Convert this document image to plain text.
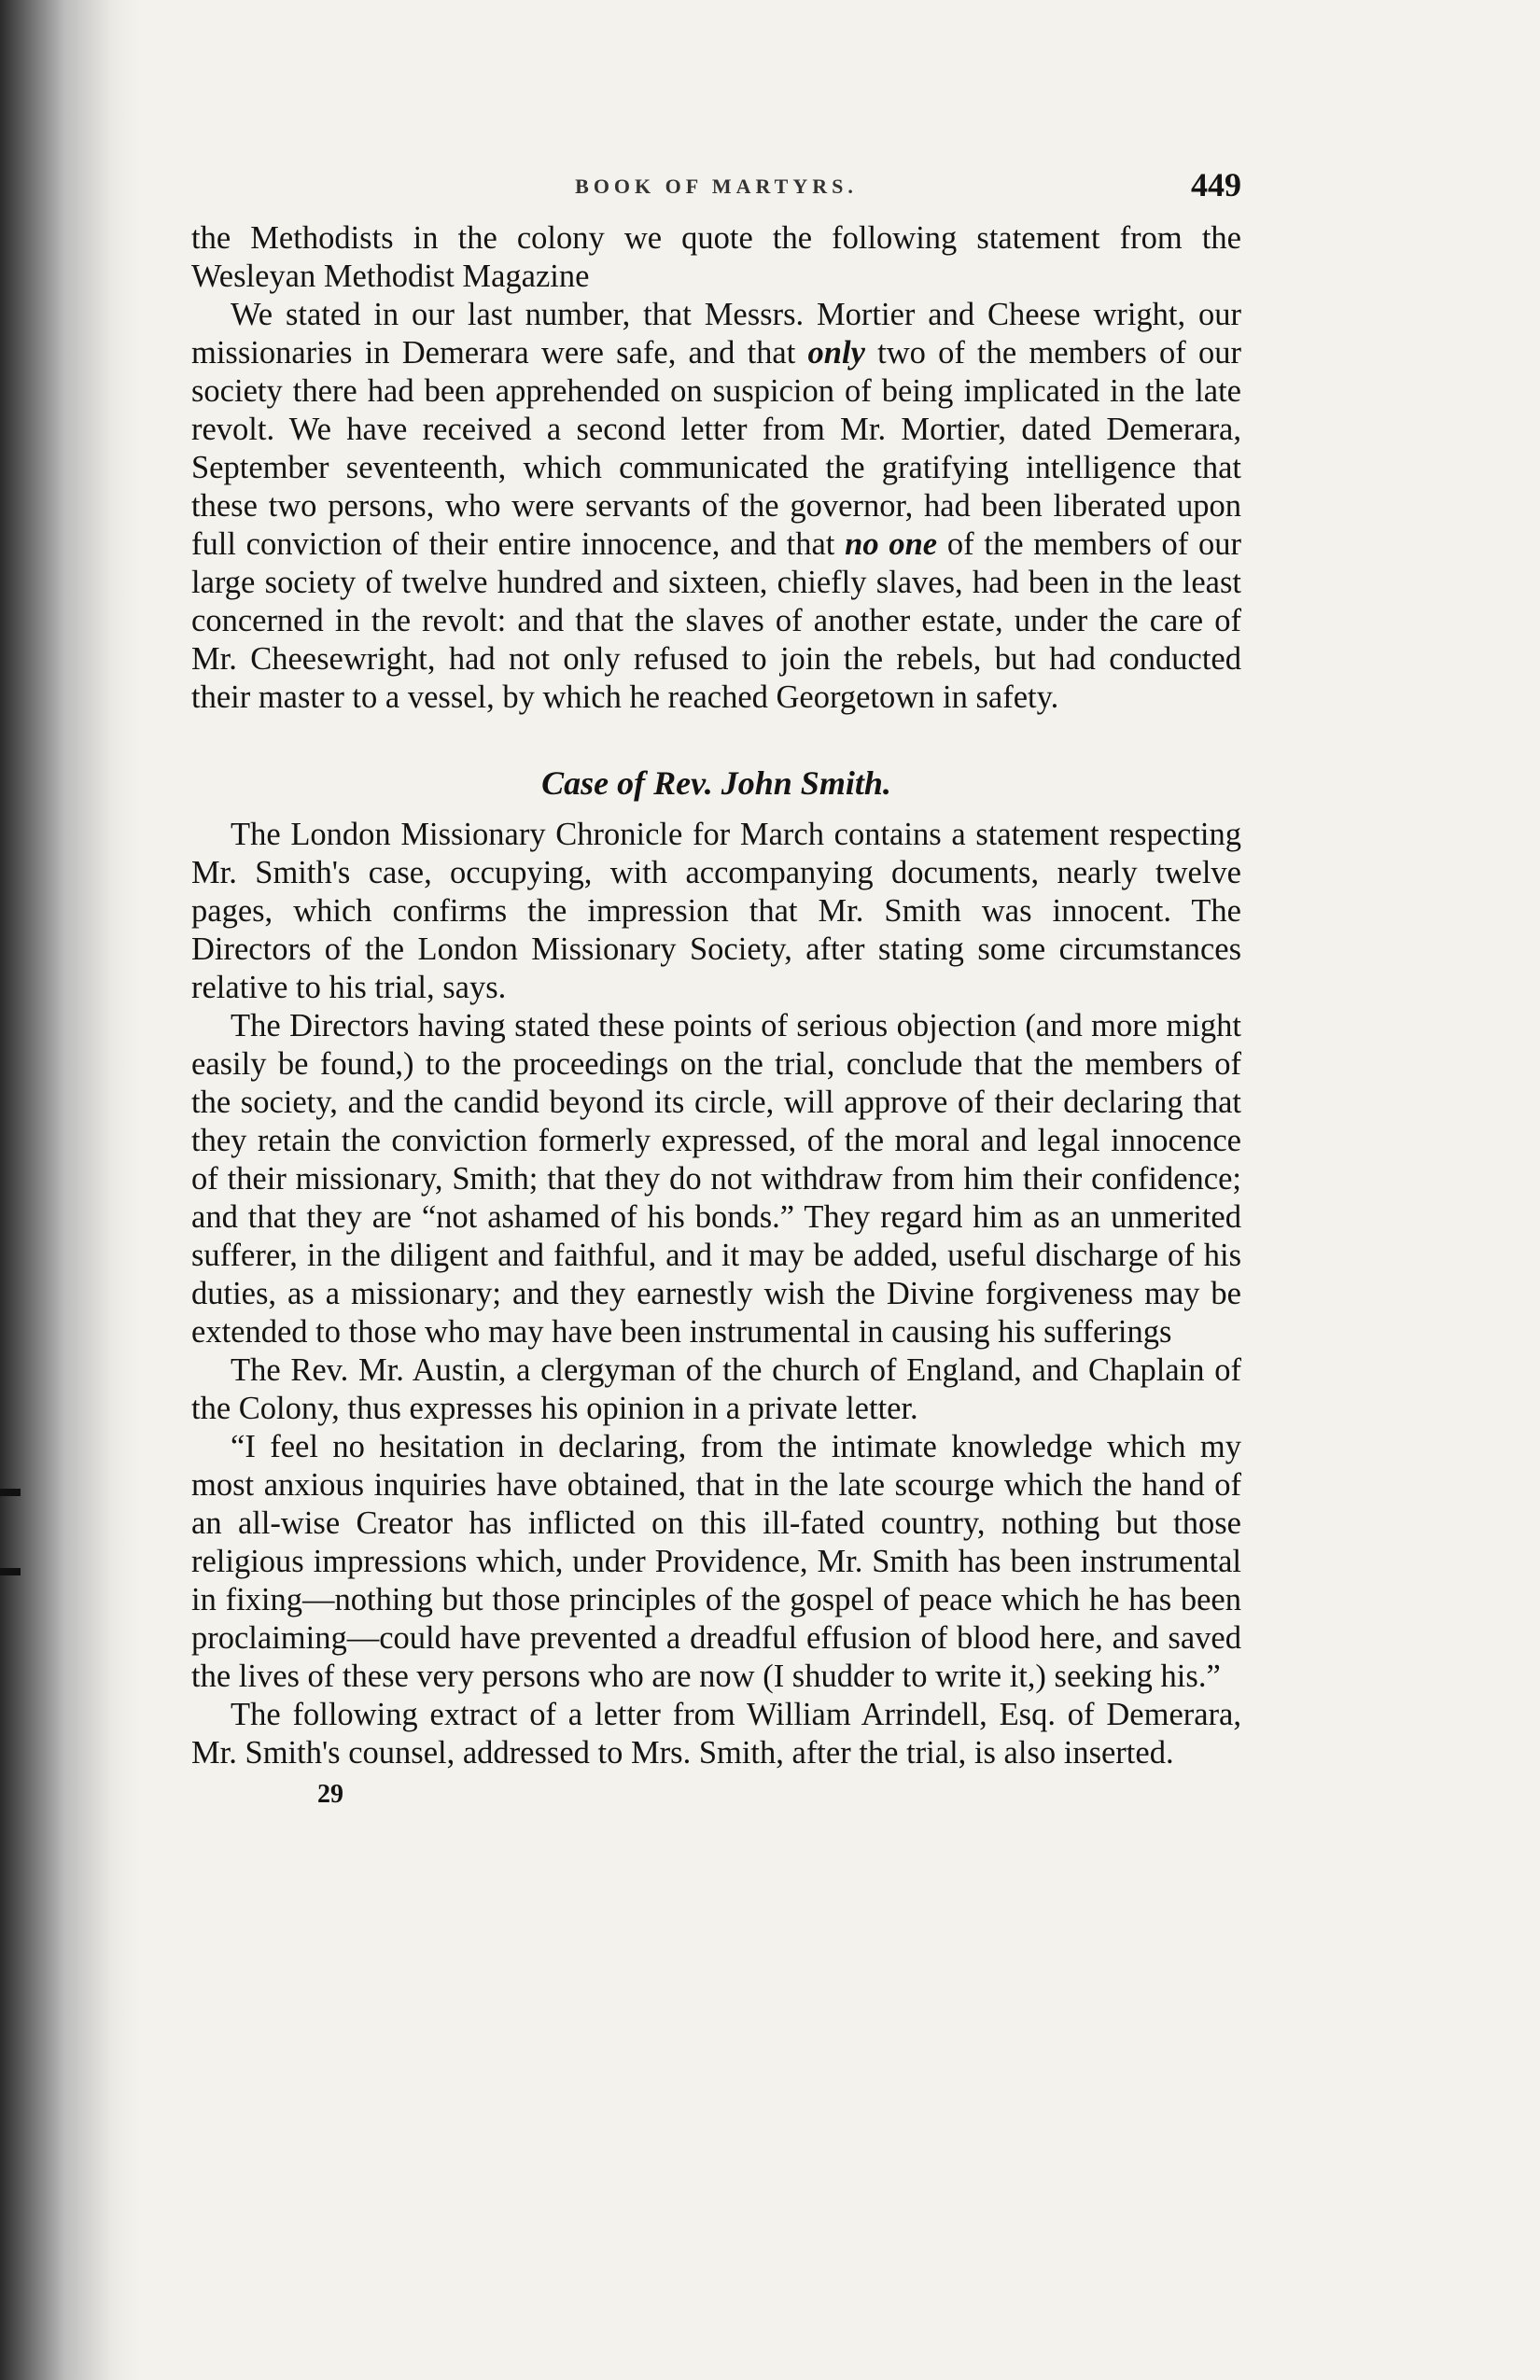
BOOK OF MARTYRS.	449

the Methodists in the colony we quote the following statement from the Wesleyan Methodist Magazine

We stated in our last number, that Messrs. Mortier and Cheese wright, our missionaries in Demerara were safe, and that only two of the members of our society there had been apprehended on suspicion of being implicated in the late revolt. We have received a second letter from Mr. Mortier, dated Demerara, September seventeenth, which communicated the gratifying intelligence that these two persons, who were servants of the governor, had been liberated upon full conviction of their entire innocence, and that no one of the members of our large society of twelve hundred and sixteen, chiefly slaves, had been in the least concerned in the revolt: and that the slaves of another estate, under the care of Mr. Cheesewright, had not only refused to join the rebels, but had conducted their master to a vessel, by which he reached Georgetown in safety.

Case of Rev. John Smith.

The London Missionary Chronicle for March contains a statement respecting Mr. Smith's case, occupying, with accompanying documents, nearly twelve pages, which confirms the impression that Mr. Smith was innocent. The Directors of the London Missionary Society, after stating some circumstances relative to his trial, says.

The Directors having stated these points of serious objection (and more might easily be found,) to the proceedings on the trial, conclude that the members of the society, and the candid beyond its circle, will approve of their declaring that they retain the conviction formerly expressed, of the moral and legal innocence of their missionary, Smith; that they do not withdraw from him their confidence; and that they are “not ashamed of his bonds.” They regard him as an unmerited sufferer, in the diligent and faithful, and it may be added, useful discharge of his duties, as a missionary; and they earnestly wish the Divine forgiveness may be extended to those who may have been instrumental in causing his sufferings

The Rev. Mr. Austin, a clergyman of the church of England, and Chaplain of the Colony, thus expresses his opinion in a private letter.

“I feel no hesitation in declaring, from the intimate knowledge which my most anxious inquiries have obtained, that in the late scourge which the hand of an all-wise Creator has inflicted on this ill-fated country, nothing but those religious impressions which, under Providence, Mr. Smith has been instrumental in fixing—nothing but those principles of the gospel of peace which he has been proclaiming—could have prevented a dreadful effusion of blood here, and saved the lives of these very persons who are now (I shudder to write it,) seeking his.”

The following extract of a letter from William Arrindell, Esq. of Demerara, Mr. Smith's counsel, addressed to Mrs. Smith, after the trial, is also inserted.

29
